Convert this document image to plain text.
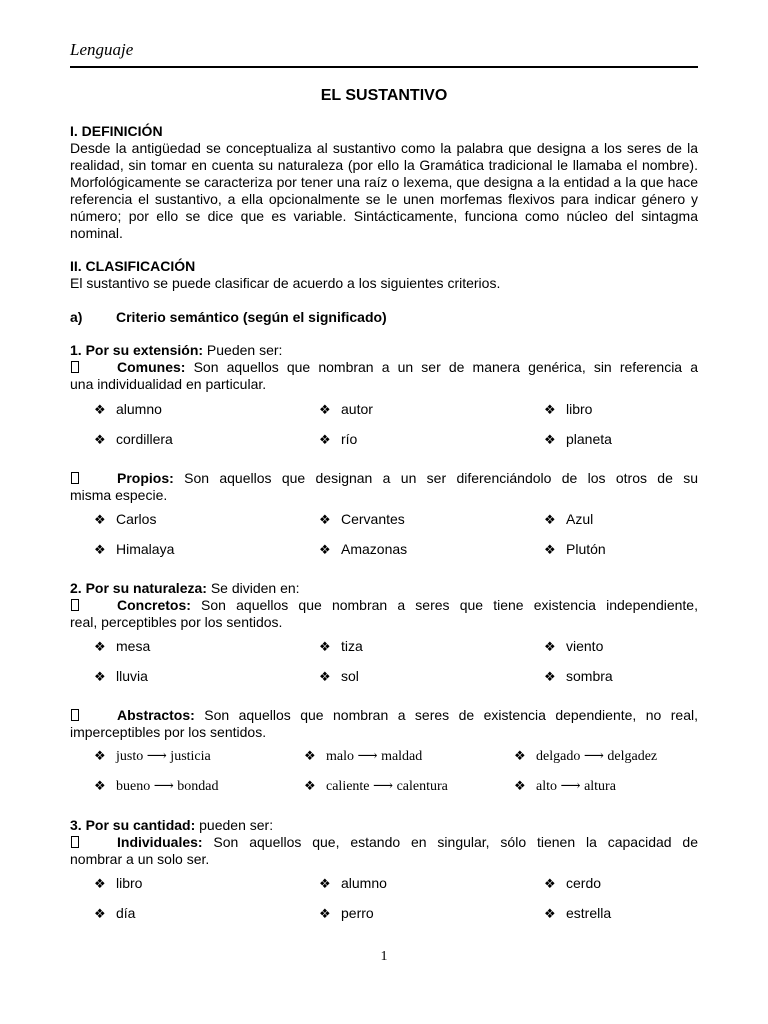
Lenguaje
EL SUSTANTIVO
I. DEFINICIÓN
Desde la antigüedad se conceptualiza al sustantivo como la palabra que designa a los seres de la realidad, sin tomar en cuenta su naturaleza (por ello la Gramática tradicional le llamaba el nombre). Morfológicamente se caracteriza por tener una raíz o lexema, que designa a la entidad a la que hace referencia el sustantivo, a ella opcionalmente se le unen morfemas flexivos para indicar género y número; por ello se dice que es variable. Sintácticamente, funciona como núcleo del sintagma nominal.
II. CLASIFICACIÓN
El sustantivo se puede clasificar de acuerdo a los siguientes criterios.
a) Criterio semántico (según el significado)
1. Por su extensión: Pueden ser:
Comunes: Son aquellos que nombran a un ser de manera genérica, sin referencia a
una individualidad en particular.
❖ alumno	❖ autor	❖ libro
❖ cordillera	❖ río	❖ planeta
Propios: Son aquellos que designan a un ser diferenciándolo de los otros de su
misma especie.
❖ Carlos	❖ Cervantes	❖ Azul
❖ Himalaya	❖ Amazonas	❖ Plutón
2. Por su naturaleza: Se dividen en:
Concretos: Son aquellos que nombran a seres que tiene existencia independiente,
real, perceptibles por los sentidos.
❖ mesa	❖ tiza	❖ viento
❖ lluvia	❖ sol	❖ sombra
Abstractos: Son aquellos que nombran a seres de existencia dependiente, no real,
imperceptibles por los sentidos.
❖ justo ⟶ justicia	❖ malo ⟶ maldad	❖ delgado ⟶ delgadez
❖ bueno ⟶ bondad	❖ caliente ⟶ calentura	❖ alto ⟶ altura
3. Por su cantidad: pueden ser:
Individuales: Son aquellos que, estando en singular, sólo tienen la capacidad de
nombrar a un solo ser.
❖ libro	❖ alumno	❖ cerdo
❖ día	❖ perro	❖ estrella
1
